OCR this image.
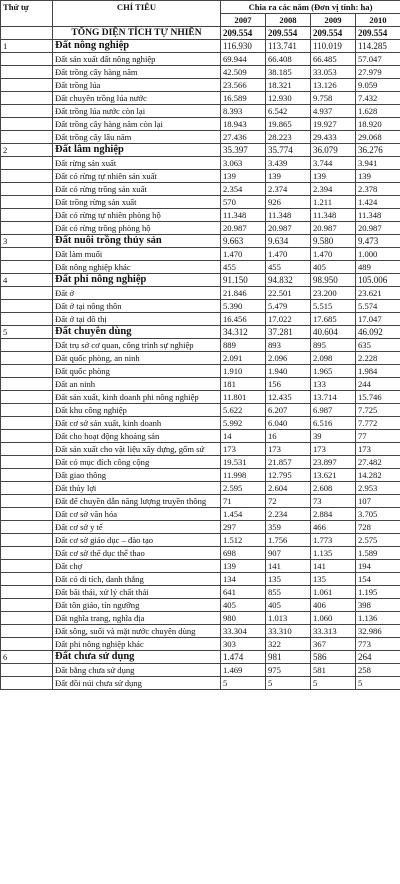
Thứ tự	CHỈ TIÊU	Chia ra các năm (Đơn vị tính: ha)			
		2007	2008	2009	2010
	TỔNG DIỆN TÍCH TỰ NHIÊN	209.554	209.554	209.554	209.554
1	Đất nông nghiệp	116.930	113.741	110.019	114.285
	Đất sản xuất đất nông nghiệp	69.944	66.408	66.485	57.047
	Đất trồng cây hàng năm	42.509	38.185	33.053	27.979
	Đất trồng lúa	23.566	18.321	13.126	9.059
	Đất chuyên trồng lúa nước	16.589	12.930	9.758	7.432
	Đất trồng lúa nước còn lại	8.393	6.542	4.937	1.628
	Đất trồng cây hàng năm còn lại	18.943	19.865	19.927	18.920
	Đất trồng cây lâu năm	27.436	28.223	29.433	29.068
2	Đất lâm nghiệp	35.397	35.774	36.079	36.276
	Đất rừng sản xuất	3.063	3.439	3.744	3.941
	Đất có rừng tự nhiên sản xuất	139	139	139	139
	Đất có rừng trồng sản xuất	2.354	2.374	2.394	2.378
	Đất trồng rừng sản xuất	570	926	1.211	1.424
	Đất có rừng tự nhiên phòng hộ	11.348	11.348	11.348	11.348
	Đất có rừng trồng phòng hộ	20.987	20.987	20.987	20.987
3	Đất nuôi trồng thủy sản	9.663	9.634	9.580	9.473
	Đất làm muối	1.470	1.470	1.470	1.000
	Đất nông nghiệp khác	455	455	405	489
4	Đất phi nông nghiệp	91.150	94.832	98.950	105.006
	Đất ở	21.846	22.501	23.200	23.621
	Đất ở tại nông thôn	5.390	5.479	5.515	5.574
	Đất ở tại đô thị	16.456	17.022	17.685	17.047
5	Đất chuyên dùng	34.312	37.281	40.604	46.092
	Đất trụ sở cơ quan, công trình sự nghiệp	889	893	895	635
	Đất quốc phòng, an ninh	2.091	2.096	2.098	2.228
	Đất quốc phòng	1.910	1.940	1.965	1.984
	Đất an ninh	181	156	133	244
	Đất sản xuất, kinh doanh phi nông nghiệp	11.801	12.435	13.714	15.746
	Đất khu công nghiệp	5.622	6.207	6.987	7.725
	Đất cơ sở sản xuất, kinh doanh	5.992	6.040	6.516	7.772
	Đất cho hoạt động khoáng sản	14	16	39	77
	Đất sản xuất cho vật liệu xây dựng, gốm sứ	173	173	173	173
	Đất có mục đích công cộng	19.531	21.857	23.897	27.482
	Đất giao thông	11.998	12.795	13.621	14.282
	Đất thủy lợi	2.595	2.604	2.608	2.953
	Đất để chuyền dẫn năng lượng truyền thông	71	72	73	107
	Đất cơ sở văn hóa	1.454	2.234	2.884	3.705
	Đất cơ sở y tế	297	359	466	728
	Đất cơ sở giáo dục – đào tạo	1.512	1.756	1.773	2.575
	Đất cơ sở thể dục thể thao	698	907	1.135	1.589
	Đất chợ	139	141	141	194
	Đất có di tích, danh thắng	134	135	135	154
	Đất bãi thải, xử lý chất thải	641	855	1.061	1.195
	Đất tôn giáo, tín ngưỡng	405	405	406	398
	Đất nghĩa trang, nghĩa địa	980	1.013	1.060	1.136
	Đất sông, suối và mặt nước chuyên dùng	33.304	33.310	33.313	32.986
	Đất phi nông nghiệp khác	303	322	367	773
6	Đất chưa sử dụng	1.474	981	586	264
	Đất bằng chưa sử dụng	1.469	975	581	258
	Đất đồi núi chưa sử dụng	5	5	5	5
